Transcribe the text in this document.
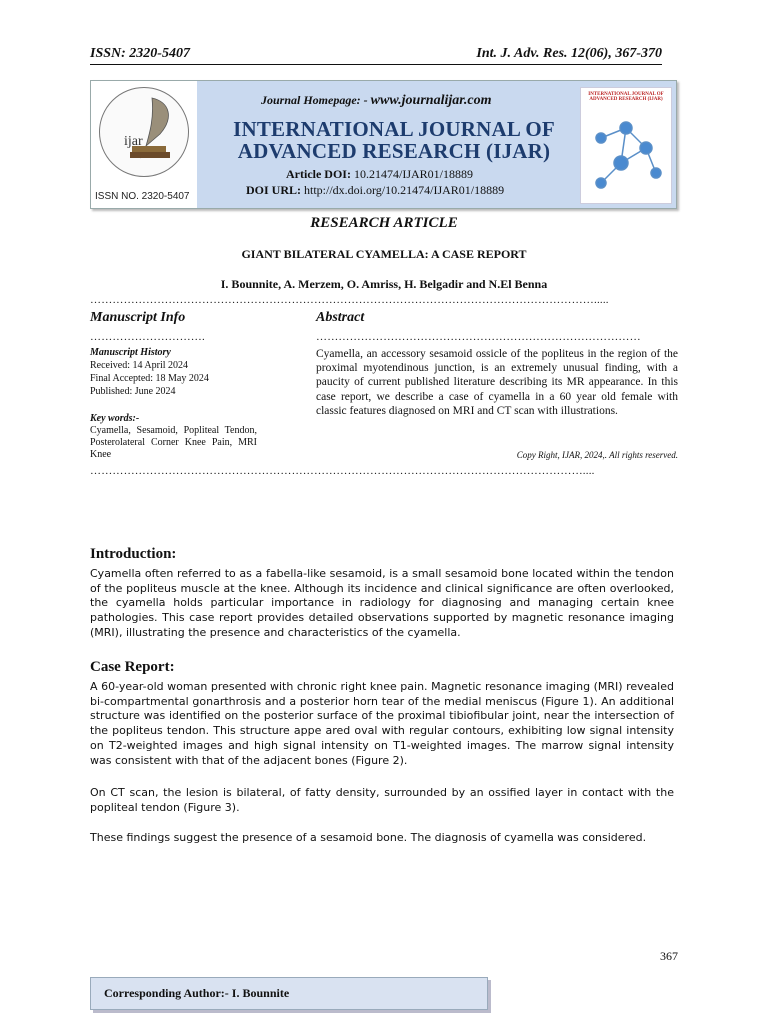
ISSN: 2320-5407	Int. J. Adv. Res. 12(06), 367-370
ijar
ISSN NO. 2320-5407
Journal Homepage: - www.journalijar.com
INTERNATIONAL JOURNAL OF ADVANCED RESEARCH (IJAR)
Article DOI: 10.21474/IJAR01/18889
DOI URL: http://dx.doi.org/10.21474/IJAR01/18889
INTERNATIONAL JOURNAL OF ADVANCED RESEARCH (IJAR)
RESEARCH ARTICLE
GIANT BILATERAL CYAMELLA: A CASE REPORT
I. Bounnite, A. Merzem, O. Amriss, H. Belgadir and N.El Benna
……………………………………………………………………………………………………………………….....
Manuscript Info	Abstract
………………………….	……………………………………………………………………………
Manuscript History
Received: 14 April 2024
Final Accepted: 18 May 2024
Published: June 2024
Key words:-
Cyamella, Sesamoid, Popliteal Tendon, Posterolateral Corner Knee Pain, MRI Knee
Cyamella, an accessory sesamoid ossicle of the popliteus in the region of the proximal myotendinous junction, is an extremely unusual finding, with a paucity of current published literature describing its MR appearance. In this case report, we describe a case of cyamella in a 60 year old female with classic features diagnosed on MRI and CT scan with illustrations.
Copy Right, IJAR, 2024,. All rights reserved.
……………………………………………………………………………………………………………………....
Introduction:
Cyamella often referred to as a fabella-like sesamoid, is a small sesamoid bone located within the tendon of the popliteus muscle at the knee. Although its incidence and clinical significance are often overlooked, the cyamella holds particular importance in radiology for diagnosing and managing certain knee pathologies. This case report provides detailed observations supported by magnetic resonance imaging (MRI), illustrating the presence and characteristics of the cyamella.
Case Report:
A 60-year-old woman presented with chronic right knee pain. Magnetic resonance imaging (MRI) revealed bi-compartmental gonarthrosis and a posterior horn tear of the medial meniscus (Figure 1). An additional structure was identified on the posterior surface of the proximal tibiofibular joint, near the intersection of the popliteus tendon. This structure appe ared oval with regular contours, exhibiting low signal intensity on T2-weighted images and high signal intensity on T1-weighted images. The marrow signal intensity was consistent with that of the adjacent bones (Figure 2).
On CT scan, the lesion is bilateral, of fatty density, surrounded by an ossified layer in contact with the popliteal tendon (Figure 3).
These findings suggest the presence of a sesamoid bone. The diagnosis of cyamella was considered.
367
Corresponding Author:- I. Bounnite
